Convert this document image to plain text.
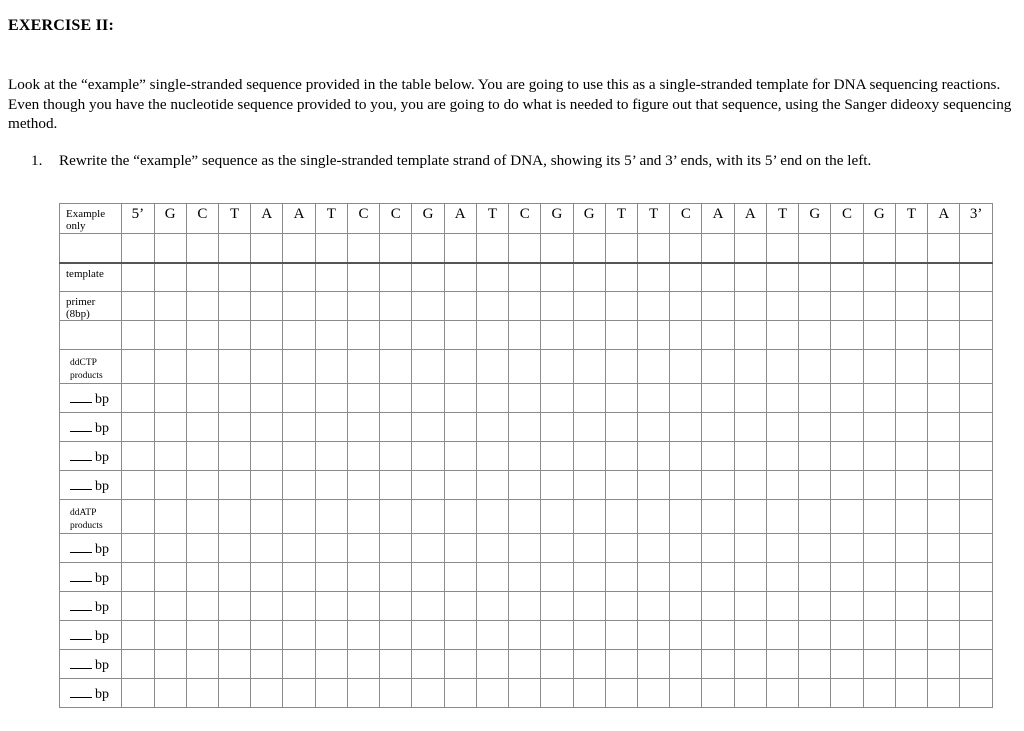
EXERCISE II:
Look at the “example” single-stranded sequence provided in the table below. You are going to use this as a single-stranded template for DNA sequencing reactions. Even though you have the nucleotide sequence provided to you, you are going to do what is needed to figure out that sequence, using the Sanger dideoxy sequencing method.
1. Rewrite the “example” sequence as the single-stranded template strand of DNA, showing its 5’ and 3’ ends, with its 5’ end on the left.
Example only	5’	G	C	T	A	A	T	C	C	G	A	T	C	G	G	T	T	C	A	A	T	G	C	G	T	A	3’

template																											
primer (8bp)																											

ddCTP products																											
bp																											
bp																											
bp																											
bp																											
ddATP products																											
bp																											
bp																											
bp																											
bp																											
bp																											
bp																											
